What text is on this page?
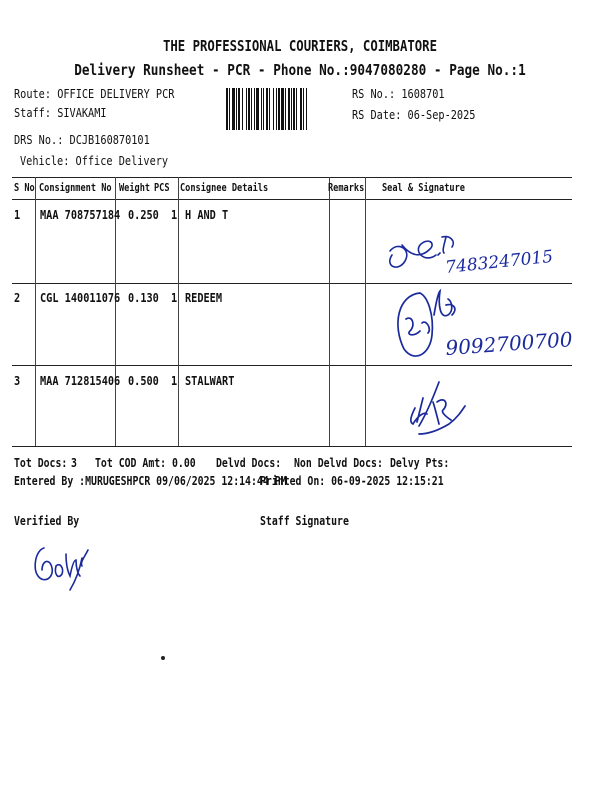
THE PROFESSIONAL COURIERS, COIMBATORE
Delivery Runsheet - PCR - Phone No.:9047080280 - Page No.:1
Route: OFFICE DELIVERY PCR
Staff: SIVAKAMI
DRS No.: DCJB160870101
Vehicle: Office Delivery
RS No.: 1608701
RS Date: 06-Sep-2025
S No Consignment No Weight PCS Consignee Details	Remarks Seal & Signature
1 MAA 708757184 0.250 1 H AND T
2 CGL 140011076 0.130 1 REDEEM
3 MAA 712815406 0.500 1 STALWART
7483247015
9092700700
Tot Docs: 3 Tot COD Amt: 0.00 Delvd Docs: Non Delvd Docs: Delvy Pts:
Entered By :MURUGESHPCR 09/06/2025 12:14:44 PM
Printed On: 06-09-2025 12:15:21
Verified By	Staff Signature
